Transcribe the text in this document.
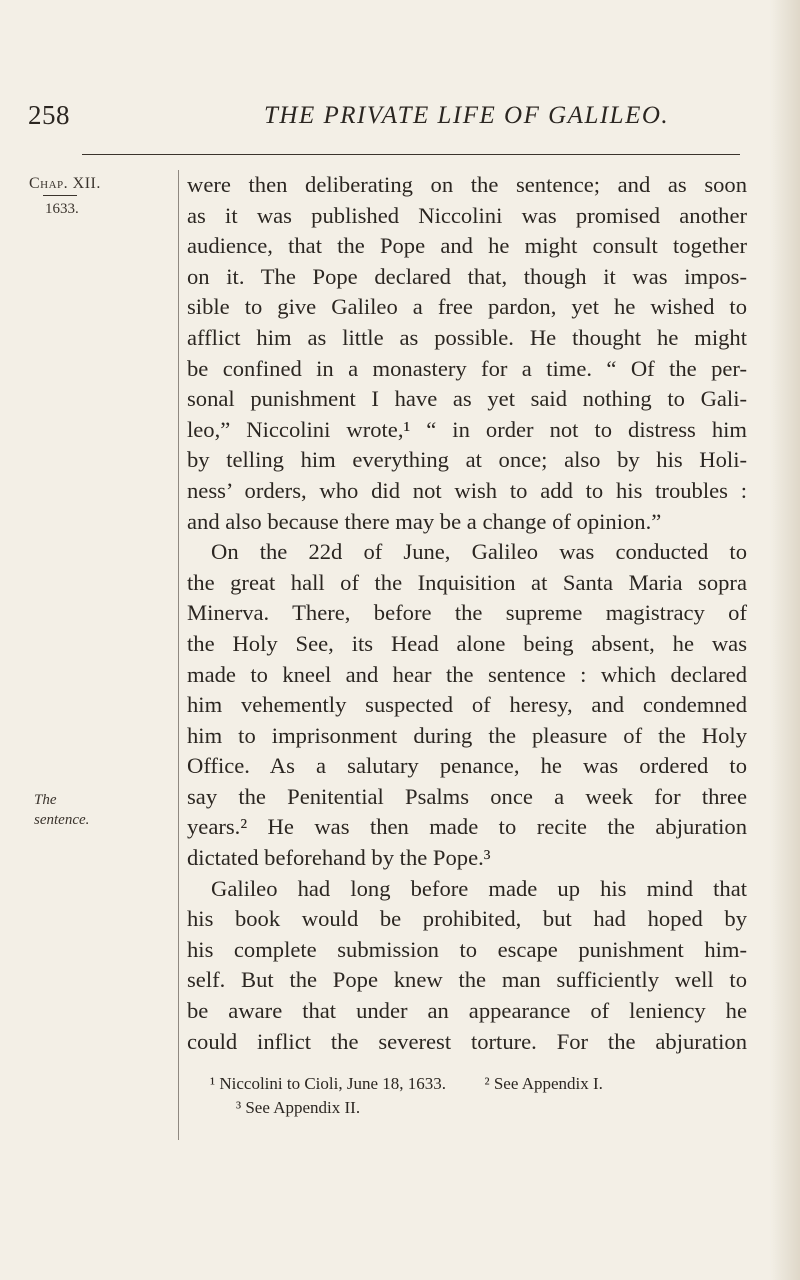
258	THE PRIVATE LIFE OF GALILEO.
Chap. XII.
1633.
The
sentence.
were then deliberating on the sentence; and as soon
as it was published Niccolini was promised another
audience, that the Pope and he might consult together
on it. The Pope declared that, though it was impos-
sible to give Galileo a free pardon, yet he wished to
afflict him as little as possible. He thought he might
be confined in a monastery for a time. “ Of the per-
sonal punishment I have as yet said nothing to Gali-
leo,” Niccolini wrote,¹ “ in order not to distress him
by telling him everything at once; also by his Holi-
ness’ orders, who did not wish to add to his troubles :
and also because there may be a change of opinion.”
On the 22d of June, Galileo was conducted to
the great hall of the Inquisition at Santa Maria sopra
Minerva. There, before the supreme magistracy of
the Holy See, its Head alone being absent, he was
made to kneel and hear the sentence : which declared
him vehemently suspected of heresy, and condemned
him to imprisonment during the pleasure of the Holy
Office. As a salutary penance, he was ordered to
say the Penitential Psalms once a week for three
years.² He was then made to recite the abjuration
dictated beforehand by the Pope.³
Galileo had long before made up his mind that
his book would be prohibited, but had hoped by
his complete submission to escape punishment him-
self. But the Pope knew the man sufficiently well to
be aware that under an appearance of leniency he
could inflict the severest torture. For the abjuration
¹ Niccolini to Cioli, June 18, 1633. ² See Appendix I.
³ See Appendix II.
